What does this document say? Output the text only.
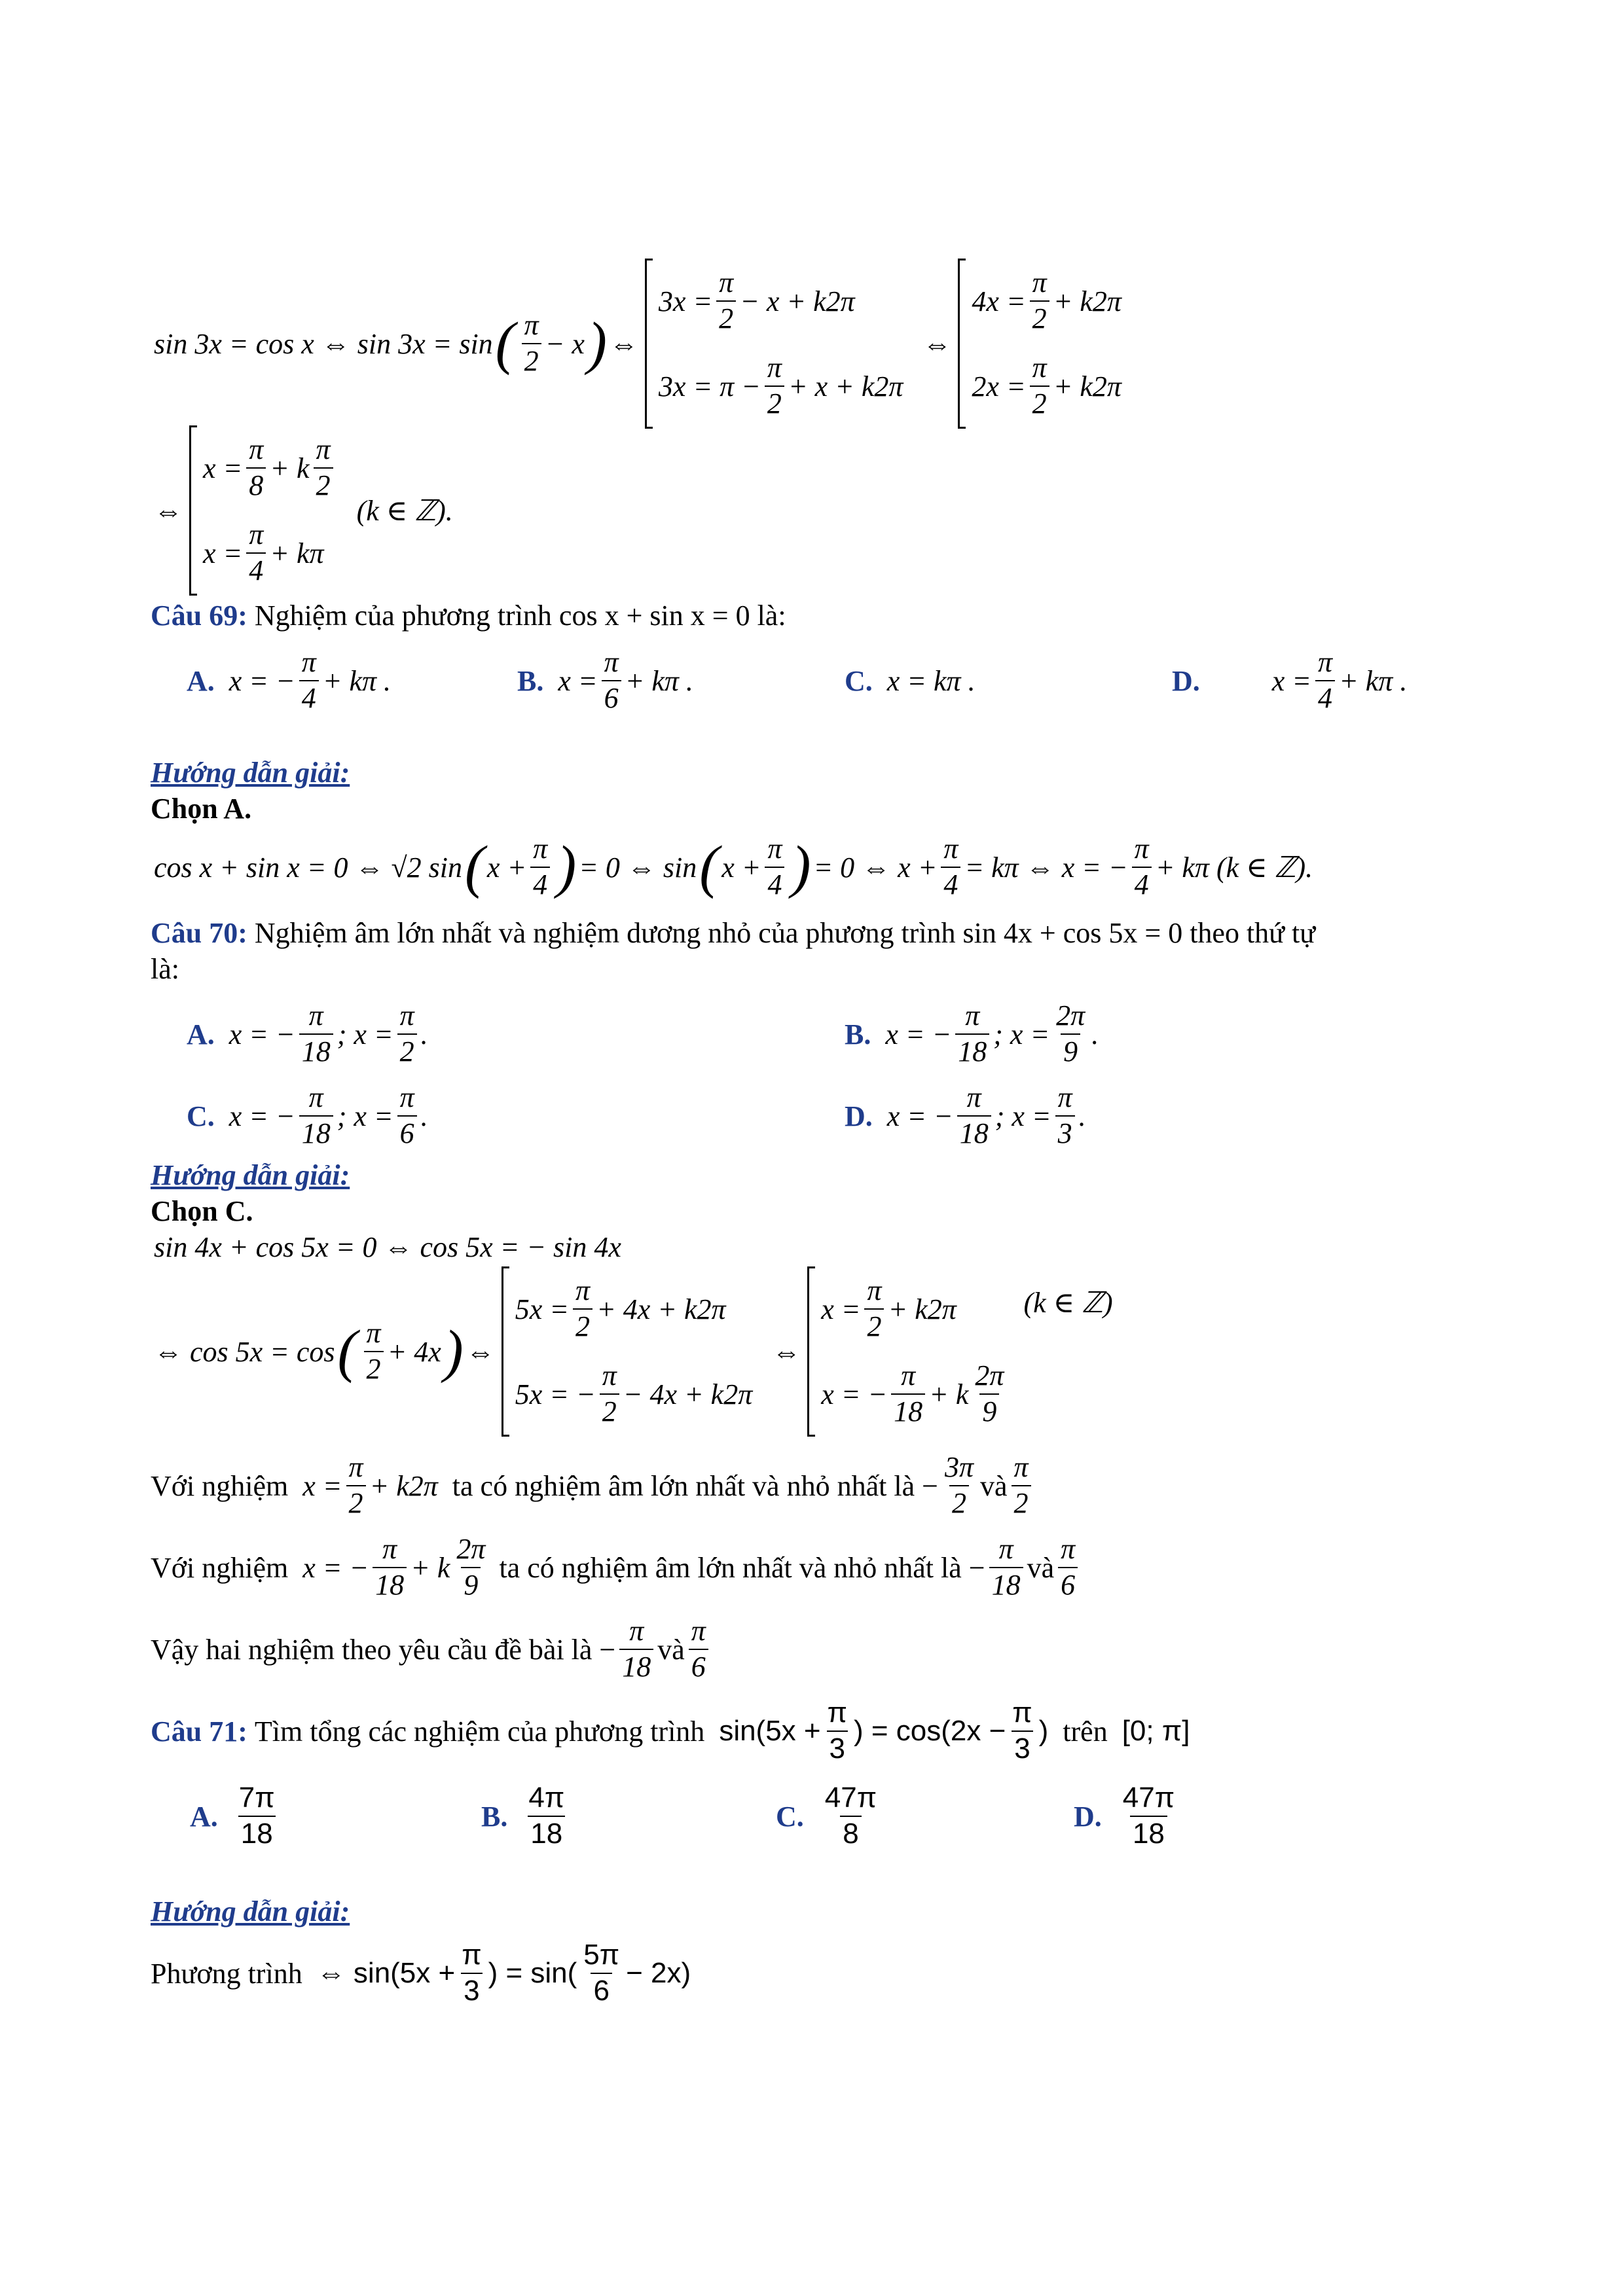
sin 3x = cos x ⇔ sin 3x = sin ( $\frac{\pi}{2} - x$ ) ⇔
$3x = \frac{\pi}{2} - x + k2\pi$
$3x = \pi - \frac{\pi}{2} + x + k2\pi$
⇔
$4x = \frac{\pi}{2} + k2\pi$
$2x = \frac{\pi}{2} + k2\pi$
⇔
$x = \frac{\pi}{8} + k \frac{\pi}{2}$
$x = \frac{\pi}{4} + k\pi$
(k ∈ ℤ).
Câu 69:
Nghiệm của phương trình cos x + sin x = 0 là:
A. x = − $\frac{\pi}{4} + k\pi$ .	B. $x = \frac{\pi}{6} + k\pi$ .	C. x = kπ .	D.	$x = \frac{\pi}{4} + k\pi$ .
Hướng dẫn giải:
Chọn A.
cos x + sin x = 0 ⇔ √2 sin ( $x + \frac{\pi}{4}$ ) = 0 ⇔ sin ( $x + \frac{\pi}{4}$ ) = 0 ⇔ $x + \frac{\pi}{4} = k\pi$ ⇔ x = − $\frac{\pi}{4} + k\pi$ (k ∈ ℤ).
Câu 70:
Nghiệm âm lớn nhất và nghiệm dương nhỏ của phương trình sin 4x + cos 5x = 0 theo thứ tự
là:
A. x = − $\frac{\pi}{18}$ ; $x = \frac{\pi}{2}$ .	B. x = − $\frac{\pi}{18}$ ; $x = \frac{2\pi}{9}$ .
C. x = − $\frac{\pi}{18}$ ; $x = \frac{\pi}{6}$ .	D. x = − $\frac{\pi}{18}$ ; $x = \frac{\pi}{3}$ .
Hướng dẫn giải:
Chọn C.
sin 4x + cos 5x = 0 ⇔ cos 5x = − sin 4x
⇔ cos 5x = cos ( $\frac{\pi}{2} + 4x$ ) ⇔
$5x = \frac{\pi}{2} + 4x + k2\pi$
5x = − $\frac{\pi}{2} - 4x + k2\pi$
⇔
$x = \frac{\pi}{2} + k2\pi$
x = − $\frac{\pi}{18} + k \frac{2\pi}{9}$
(k ∈ ℤ)
Với nghiệm
$x = \frac{\pi}{2} + k2\pi$
ta có nghiệm âm lớn nhất và nhỏ nhất là
− $\frac{3\pi}{2}$ và $\frac{\pi}{2}$
Với nghiệm
x = − $\frac{\pi}{18} + k \frac{2\pi}{9}$
ta có nghiệm âm lớn nhất và nhỏ nhất là
− $\frac{\pi}{18}$ và $\frac{\pi}{6}$
Vậy hai nghiệm theo yêu cầu đề bài là
− $\frac{\pi}{18}$ và $\frac{\pi}{6}$
Câu 71:
Tìm tổng các nghiệm của phương trình
$\sin(5x + \frac{\pi}{3}$ ) = $\cos(2x - \frac{\pi}{3}$ )
trên
[0; π]
A. $\frac{7\pi}{18}$	B. $\frac{4\pi}{18}$	C. $\frac{47\pi}{8}$	D. $\frac{47\pi}{18}$
Hướng dẫn giải:
Phương trình
⇔ $\sin(5x + \frac{\pi}{3}$ ) = $\sin( \frac{5\pi}{6} - 2x)$
